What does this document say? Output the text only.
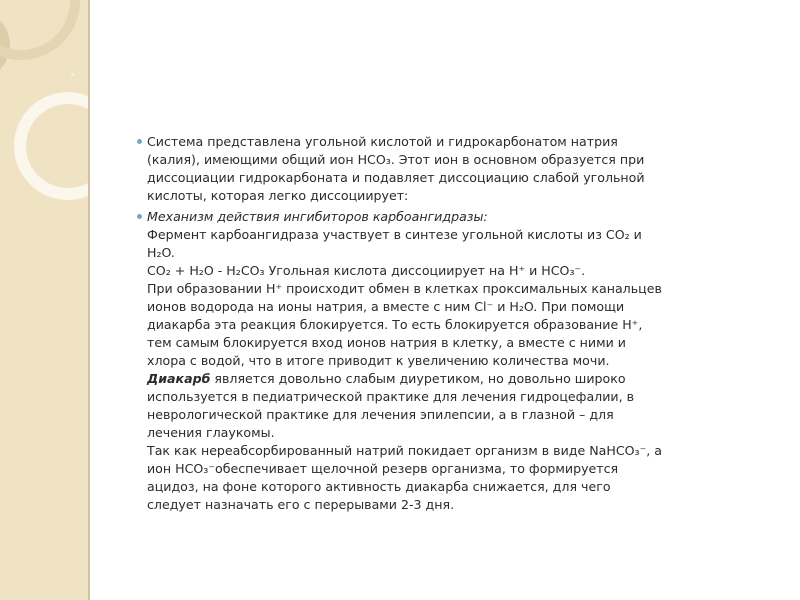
Система представлена угольной кислотой и гидрокарбонатом натрия
(калия), имеющими общий ион HCO₃. Этот ион в основном образуется при
диссоциации гидрокарбоната и подавляет диссоциацию слабой угольной
кислоты, которая легко диссоциирует:
Механизм действия ингибиторов карбоангидразы:
Фермент карбоангидраза участвует в синтезе угольной кислоты из CO₂ и
H₂O.
CO₂ + H₂O - H₂CO₃ Угольная кислота диссоциирует на H⁺ и HCO₃⁻.
При образовании H⁺ происходит обмен в клетках проксимальных канальцев
ионов водорода на ионы натрия, а вместе с ним Cl⁻ и H₂O. При помощи
диакарба эта реакция блокируется. То есть блокируется образование H⁺,
тем самым блокируется вход ионов натрия в клетку, а вместе с ними и
хлора с водой, что в итоге приводит к увеличению количества мочи.
Диакарб является довольно слабым диуретиком, но довольно широко
используется в педиатрической практике для лечения гидроцефалии, в
неврологической практике для лечения эпилепсии, а в глазной – для
лечения глаукомы.
Так как нереабсорбированный натрий покидает организм в виде NaHCO₃⁻, а
ион HCO₃⁻обеспечивает щелочной резерв организма, то формируется
ацидоз, на фоне которого активность диакарба снижается, для чего
следует назначать его с перерывами 2-3 дня.
